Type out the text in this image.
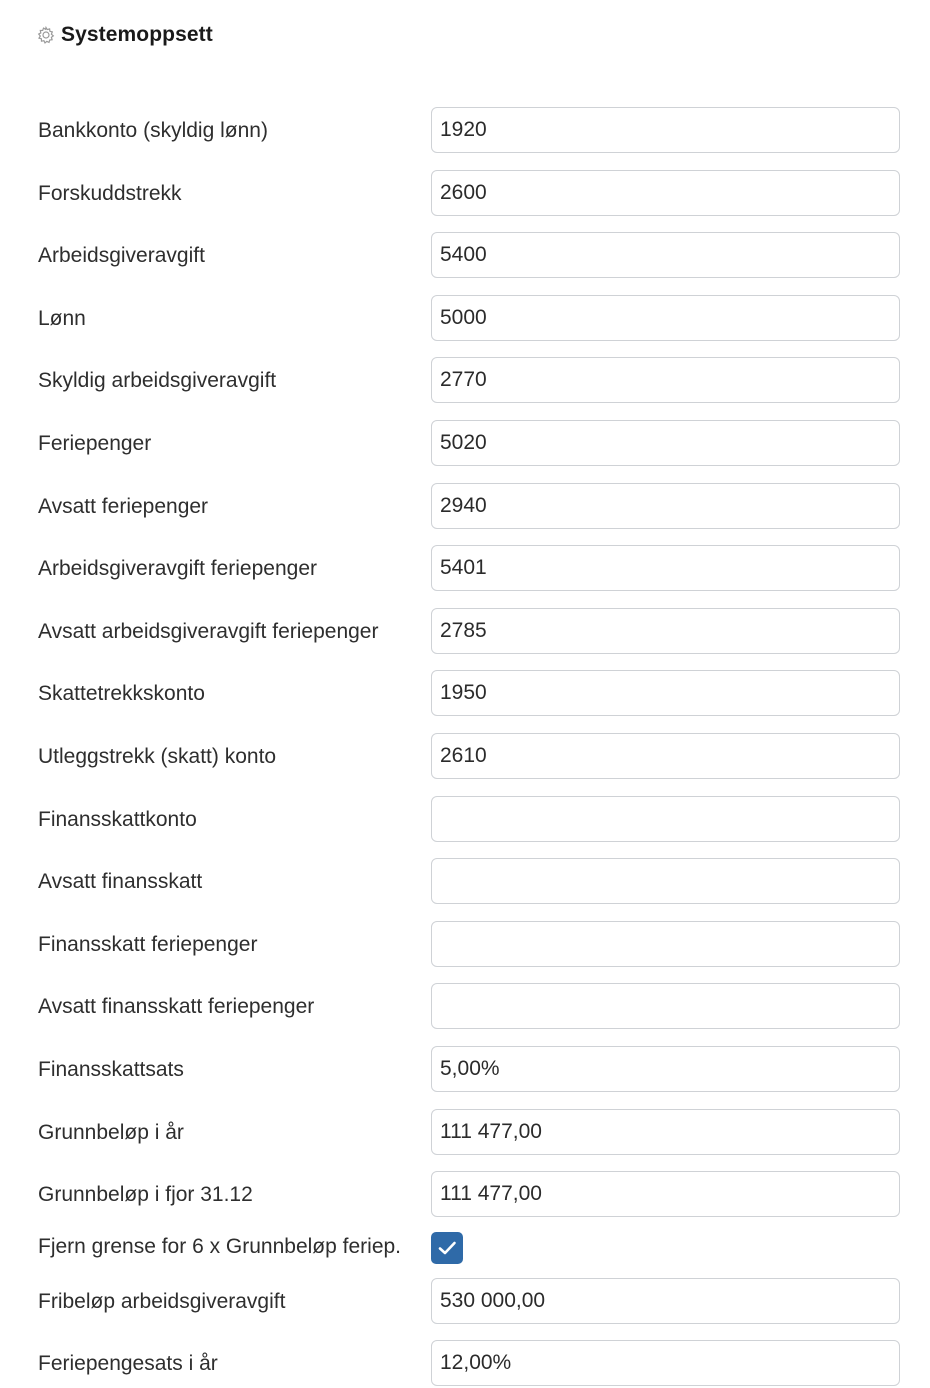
Systemoppsett
Bankkonto (skyldig lønn)
1920
Forskuddstrekk
2600
Arbeidsgiveravgift
5400
Lønn
5000
Skyldig arbeidsgiveravgift
2770
Feriepenger
5020
Avsatt feriepenger
2940
Arbeidsgiveravgift feriepenger
5401
Avsatt arbeidsgiveravgift feriepenger
2785
Skattetrekkskonto
1950
Utleggstrekk (skatt) konto
2610
Finansskattkonto
Avsatt finansskatt
Finansskatt feriepenger
Avsatt finansskatt feriepenger
Finansskattsats
5,00%
Grunnbeløp i år
111 477,00
Grunnbeløp i fjor 31.12
111 477,00
Fjern grense for 6 x Grunnbeløp feriep.
Fribeløp arbeidsgiveravgift
530 000,00
Feriepengesats i år
12,00%
